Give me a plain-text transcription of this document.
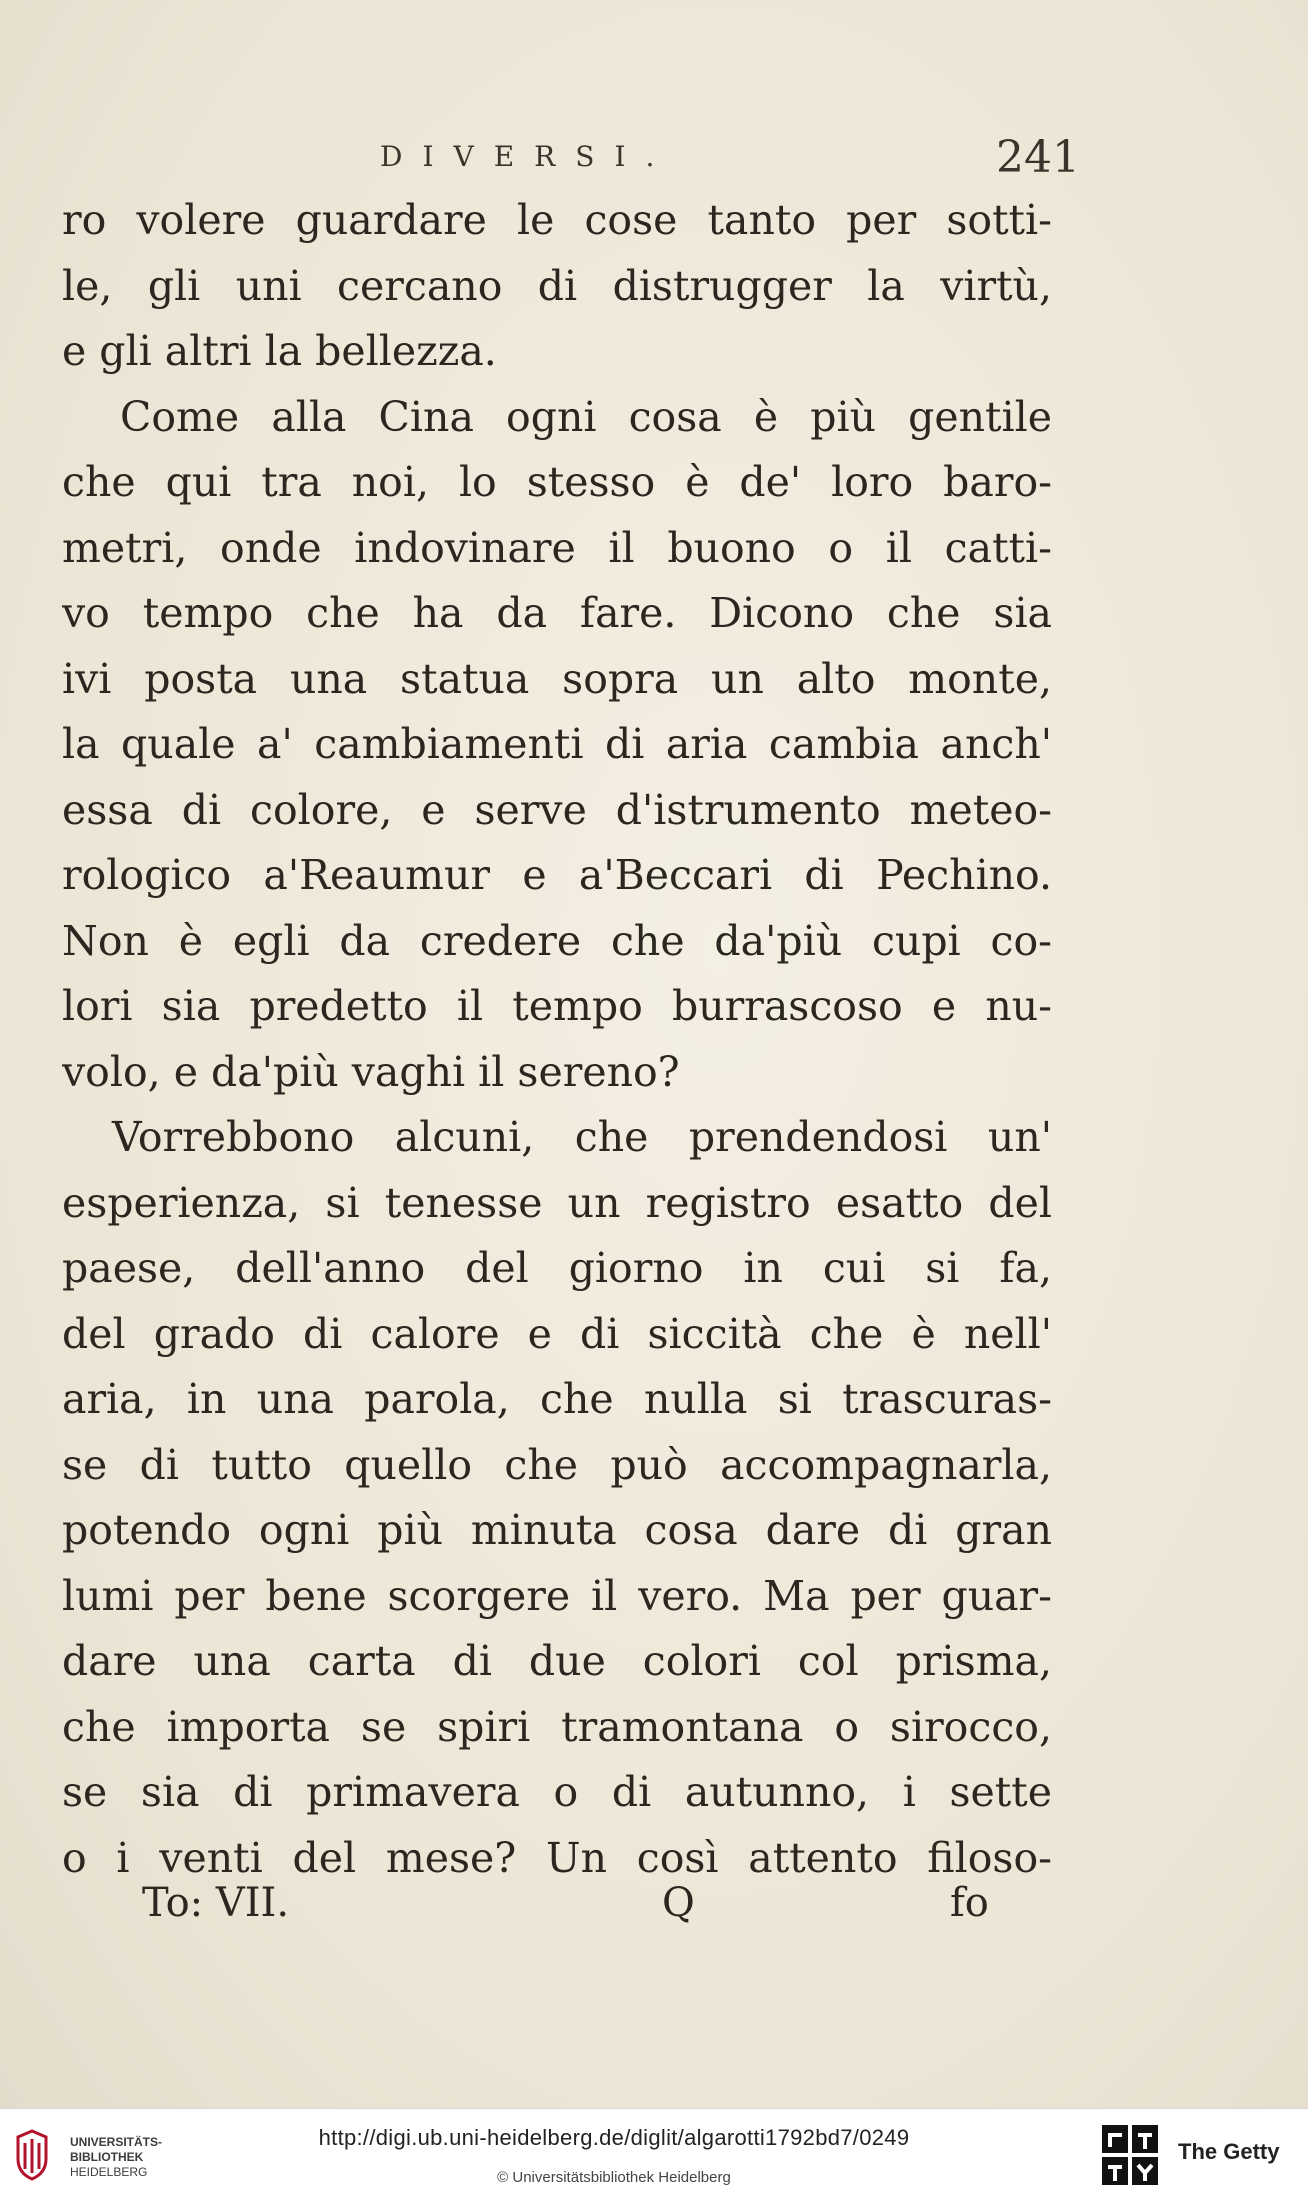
DIVERSI.	241
ro volere guardare le cose tanto per sotti-
le, gli uni cercano di distrugger la virtù,
e gli altri la bellezza.
Come alla Cina ogni cosa è più gentile
che qui tra noi, lo stesso è de' loro baro-
metri, onde indovinare il buono o il catti-
vo tempo che ha da fare. Dicono che sia
ivi posta una statua sopra un alto monte,
la quale a' cambiamenti di aria cambia anch'
essa di colore, e serve d'istrumento meteo-
rologico a'Reaumur e a'Beccari di Pechino.
Non è egli da credere che da'più cupi co-
lori sia predetto il tempo burrascoso e nu-
volo, e da'più vaghi il sereno?
Vorrebbono alcuni, che prendendosi un'
esperienza, si tenesse un registro esatto del
paese, dell'anno del giorno in cui si fa,
del grado di calore e di siccità che è nell'
aria, in una parola, che nulla si trascuras-
se di tutto quello che può accompagnarla,
potendo ogni più minuta cosa dare di gran
lumi per bene scorgere il vero. Ma per guar-
dare una carta di due colori col prisma,
che importa se spiri tramontana o sirocco,
se sia di primavera o di autunno, i sette
o i venti del mese? Un così attento filoso-
To: VII.	Q	fo
UNIVERSITÄTS-
BIBLIOTHEK
HEIDELBERG
http://digi.ub.uni-heidelberg.de/diglit/algarotti1792bd7/0249
© Universitätsbibliothek Heidelberg
The Getty
